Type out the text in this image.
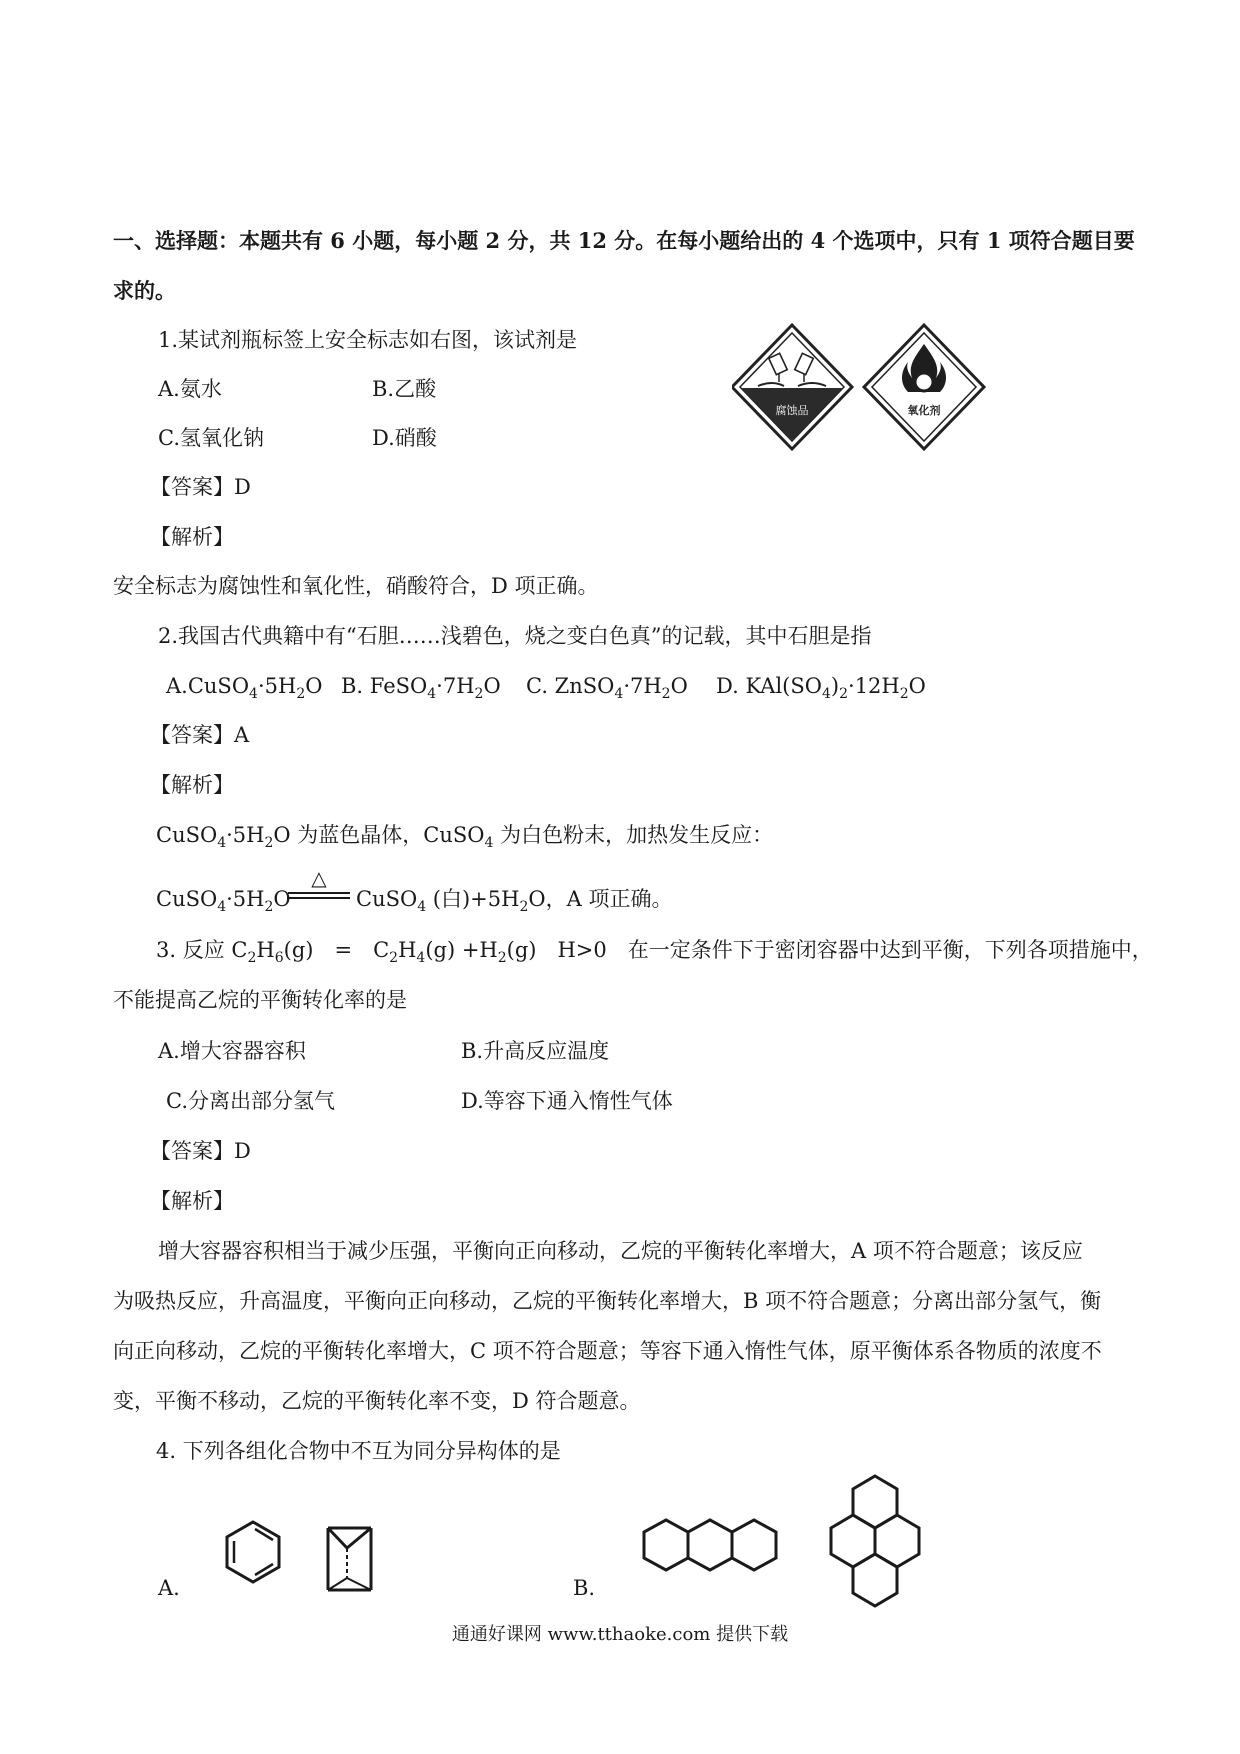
一、选择题：本题共有 6 小题，每小题 2 分，共 12 分。在每小题给出的 4 个选项中，只有 1 项符合题目要
求的。
1.某试剂瓶标签上安全标志如右图，该试剂是
A.氨水	B.乙酸
C.氢氧化钠	D.硝酸
【答案】D
【解析】
安全标志为腐蚀性和氧化性，硝酸符合，D 项正确。
腐蚀品	氧化剂
2.我国古代典籍中有“石胆……浅碧色，烧之变白色真”的记载，其中石胆是指
$A.CuSO_4\cdot 5H_2O$ B. $FeSO_4\cdot 7H_2O$ C. $ZnSO_4\cdot 7H_2O$ D. $KAl(SO_4)_2\cdot 12H_2O$
【答案】A
【解析】
$CuSO_4\cdot 5H_2O$ 为蓝色晶体，CuSO$_4$ 为白色粉末，加热发生反应：
$CuSO_4\cdot 5H_2O$
△
CuSO$_4$ (白)$+5H_2O$，A 项正确。
3. 反应 $C_2H_6(g)$　=　$C_2H_4(g) +H_2(g)$　H>0　在一定条件下于密闭容器中达到平衡，下列各项措施中，
不能提高乙烷的平衡转化率的是
A.增大容器容积	B.升高反应温度
C.分离出部分氢气	D.等容下通入惰性气体
【答案】D
【解析】
增大容器容积相当于减少压强，平衡向正向移动，乙烷的平衡转化率增大，A 项不符合题意；该反应
为吸热反应，升高温度，平衡向正向移动，乙烷的平衡转化率增大，B 项不符合题意；分离出部分氢气，衡
向正向移动，乙烷的平衡转化率增大，C 项不符合题意；等容下通入惰性气体，原平衡体系各物质的浓度不
变，平衡不移动，乙烷的平衡转化率不变，D 符合题意。
4. 下列各组化合物中不互为同分异构体的是
A.	B.
通通好课网 www.tthaoke.com 提供下载
